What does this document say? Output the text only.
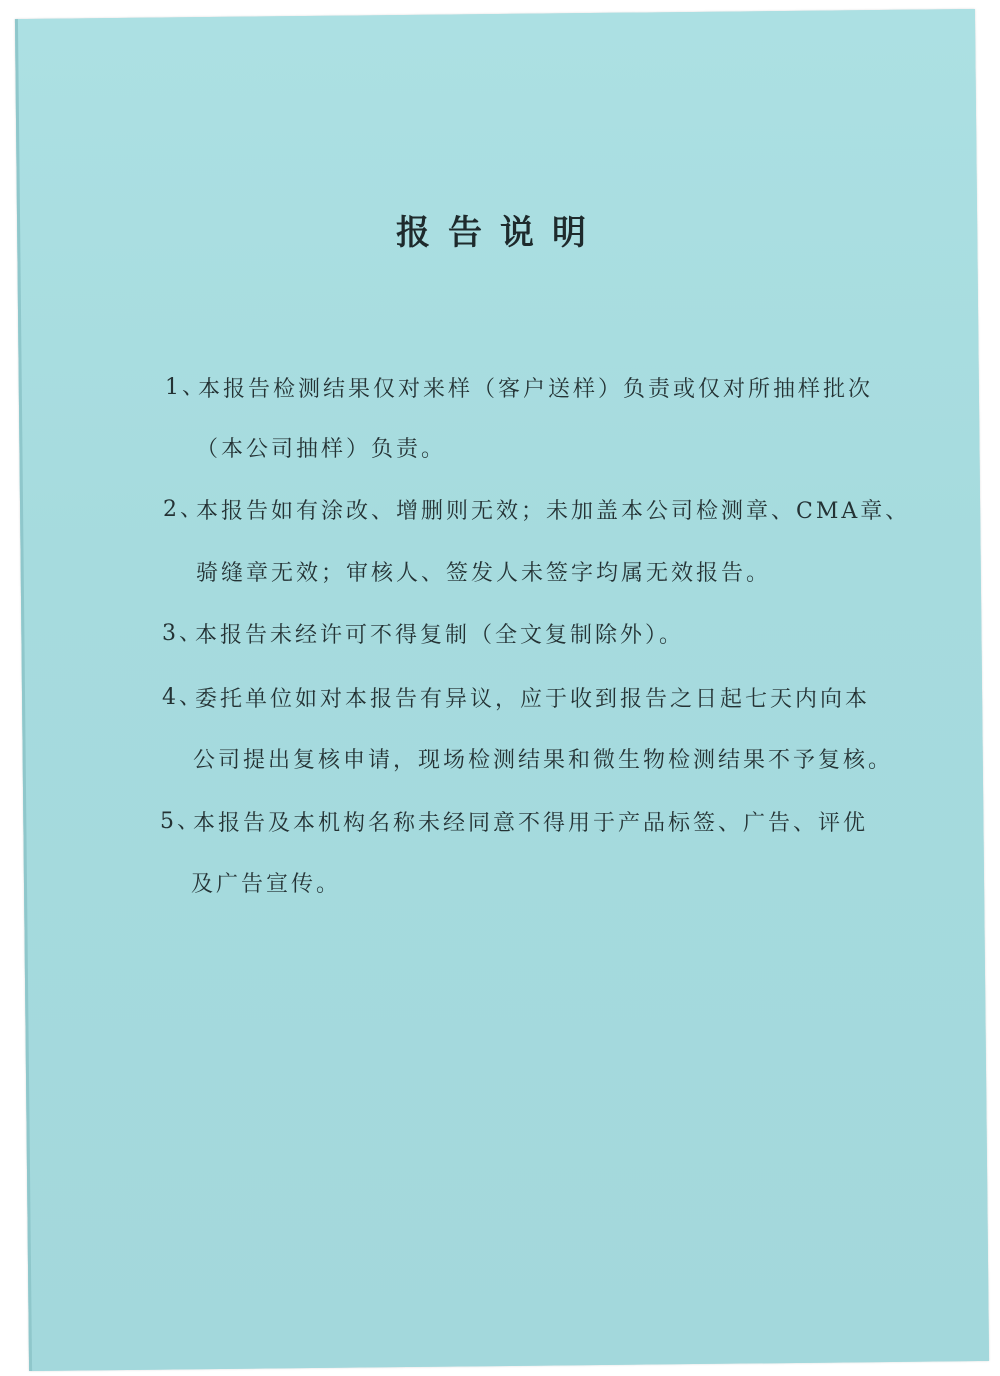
报告说明
1、
本报告检测结果仅对来样（客户送样）负责或仅对所抽样批次
（本公司抽样）负责。
2、
本报告如有涂改、增删则无效；未加盖本公司检测章、CMA章、
骑缝章无效；审核人、签发人未签字均属无效报告。
3、
本报告未经许可不得复制（全文复制除外）。
4、
委托单位如对本报告有异议，应于收到报告之日起七天内向本
公司提出复核申请，现场检测结果和微生物检测结果不予复核。
5、
本报告及本机构名称未经同意不得用于产品标签、广告、评优
及广告宣传。
